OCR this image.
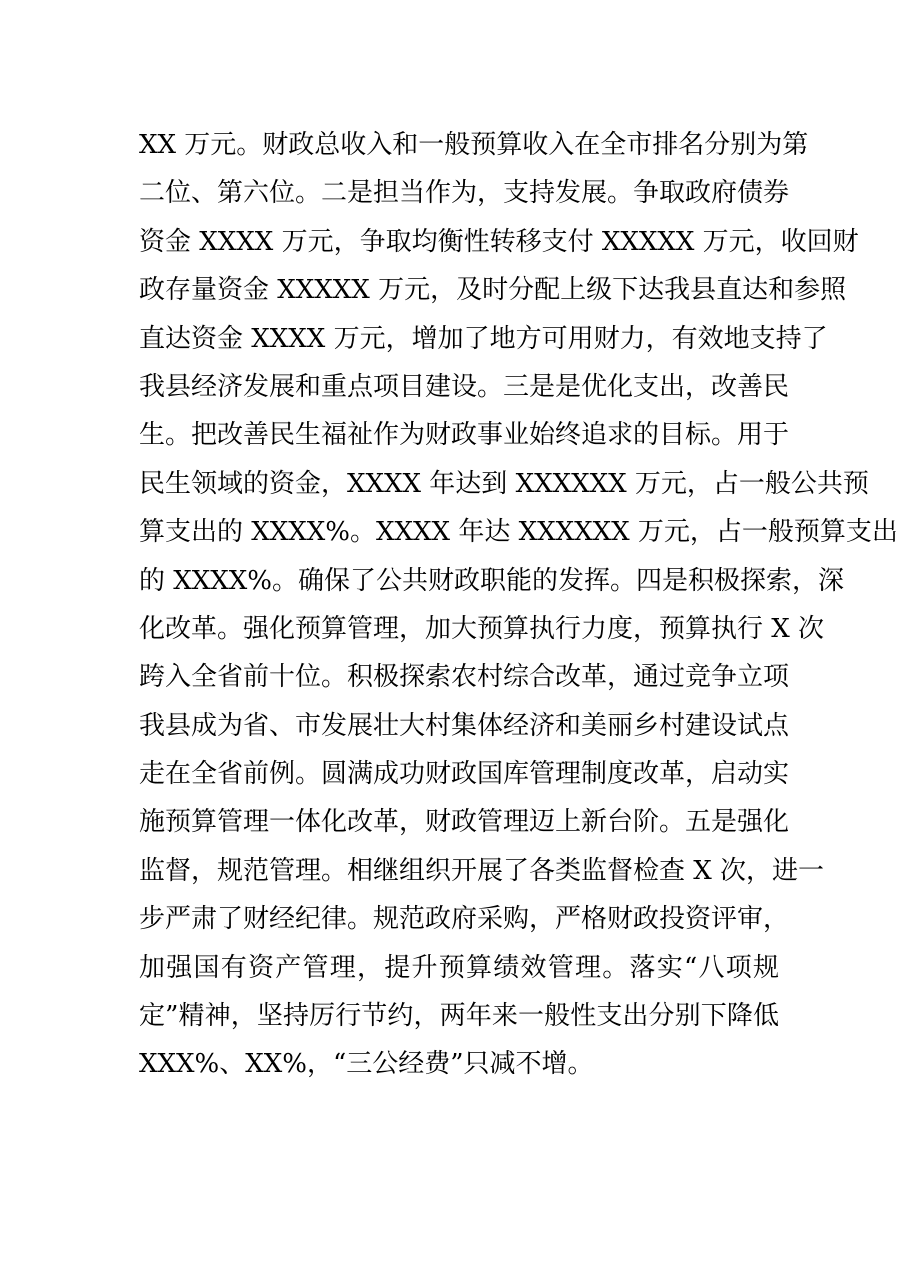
XX 万元。财政总收入和一般预算收入在全市排名分别为第
二位、第六位。二是担当作为，支持发展。争取政府债券
资金 XXXX 万元，争取均衡性转移支付 XXXXX 万元，收回财
政存量资金 XXXXX 万元，及时分配上级下达我县直达和参照
直达资金 XXXX 万元，增加了地方可用财力，有效地支持了
我县经济发展和重点项目建设。三是是优化支出，改善民
生。把改善民生福祉作为财政事业始终追求的目标。用于
民生领域的资金，XXXX 年达到 XXXXXX 万元，占一般公共预
算支出的 XXXX%。XXXX 年达 XXXXXX 万元，占一般预算支出
的 XXXX%。确保了公共财政职能的发挥。四是积极探索，深
化改革。强化预算管理，加大预算执行力度，预算执行 X 次
跨入全省前十位。积极探索农村综合改革，通过竞争立项
我县成为省、市发展壮大村集体经济和美丽乡村建设试点
走在全省前例。圆满成功财政国库管理制度改革，启动实
施预算管理一体化改革，财政管理迈上新台阶。五是强化
监督，规范管理。相继组织开展了各类监督检查 X 次，进一
步严肃了财经纪律。规范政府采购，严格财政投资评审，
加强国有资产管理，提升预算绩效管理。落实“八项规
定”精神，坚持厉行节约，两年来一般性支出分别下降低
XXX%、XX%，“三公经费”只减不增。
